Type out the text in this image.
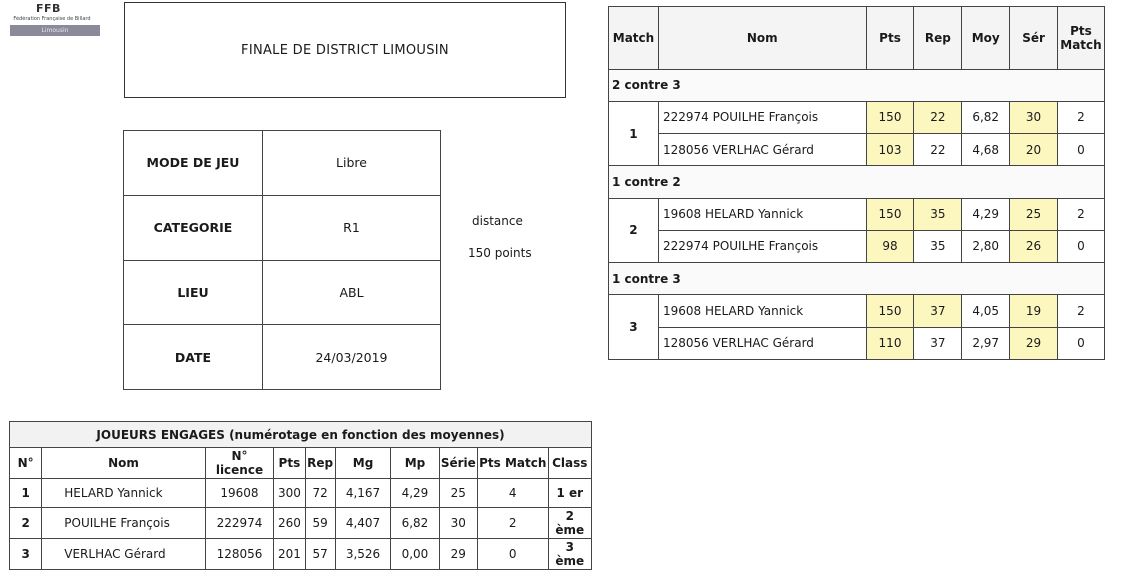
FFB
Fédération Française de Billard
Limousin
FINALE DE DISTRICT LIMOUSIN
MODE DE JEU	Libre
CATEGORIE	R1
LIEU	ABL
DATE	24/03/2019
distance
150 points
Match	Nom	Pts	Rep	Moy	Sér	Pts Match
2 contre 3						
1	222974 POUILHE François	150	22	6,82	30	2
	128056 VERLHAC Gérard	103	22	4,68	20	0
1 contre 2						
2	19608 HELARD Yannick	150	35	4,29	25	2
	222974 POUILHE François	98	35	2,80	26	0
1 contre 3						
3	19608 HELARD Yannick	150	37	4,05	19	2
	128056 VERLHAC Gérard	110	37	2,97	29	0
JOUEURS ENGAGES (numérotage en fonction des moyennes)									
N°	Nom	N° licence	Pts	Rep	Mg	Mp	Série	Pts Match	Class
1	HELARD Yannick	19608	300	72	4,167	4,29	25	4	1 er
2	POUILHE François	222974	260	59	4,407	6,82	30	2	2 ème
3	VERLHAC Gérard	128056	201	57	3,526	0,00	29	0	3 ème
